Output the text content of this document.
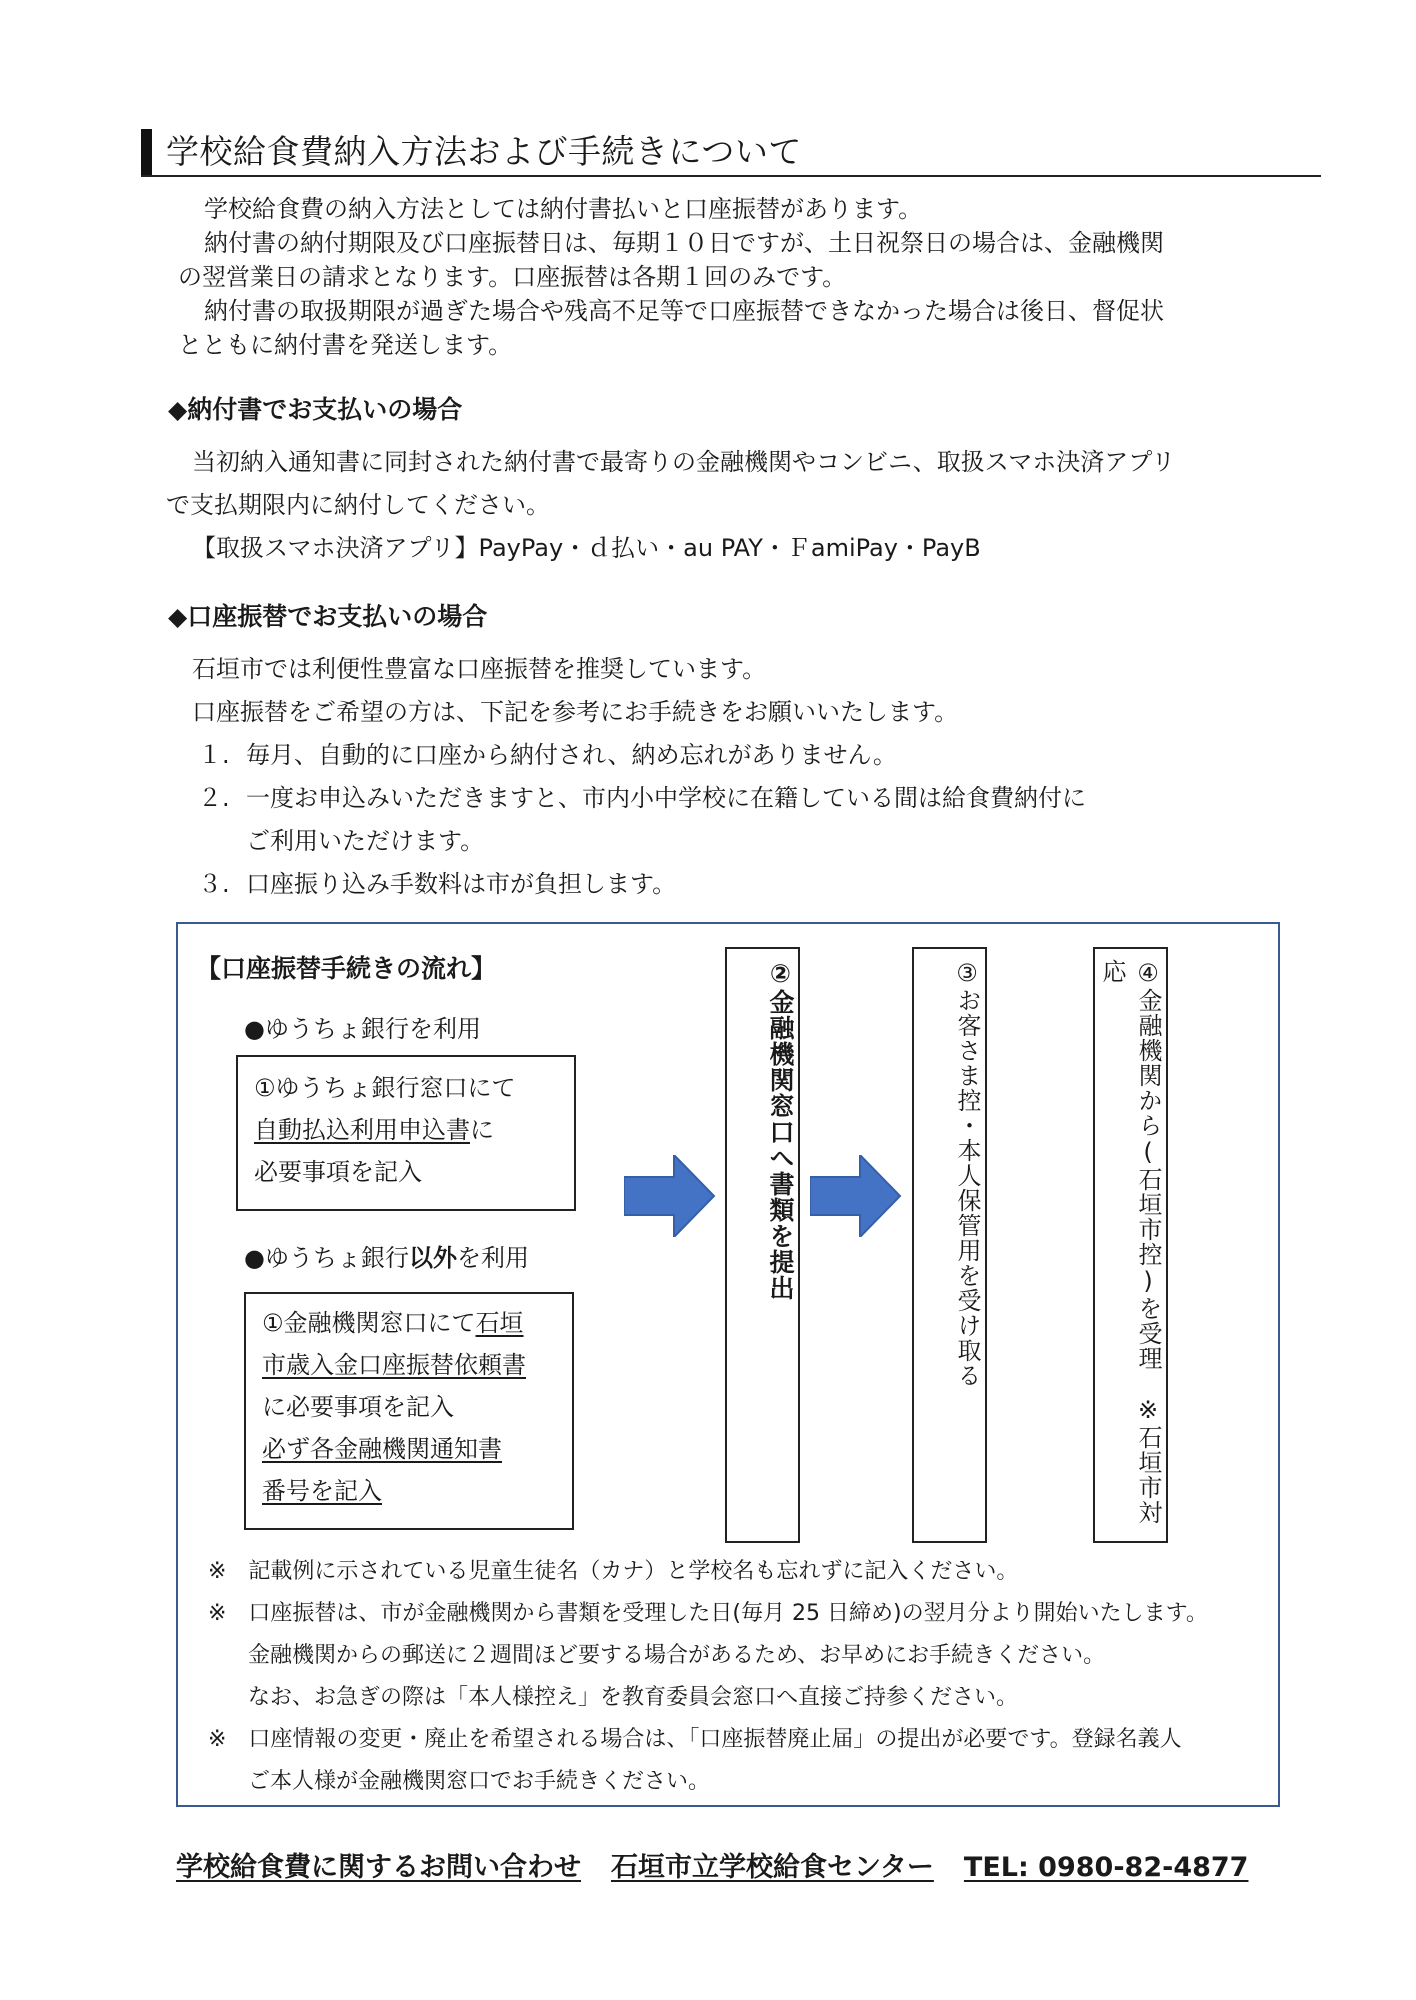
学校給食費納入方法および手続きについて
学校給食費の納入方法としては納付書払いと口座振替があります。
納付書の納付期限及び口座振替日は、毎期１０日ですが、土日祝祭日の場合は、金融機関
の翌営業日の請求となります。口座振替は各期１回のみです。
納付書の取扱期限が過ぎた場合や残高不足等で口座振替できなかった場合は後日、督促状
とともに納付書を発送します。
◆納付書でお支払いの場合
当初納入通知書に同封された納付書で最寄りの金融機関やコンビニ、取扱スマホ決済アプリ
で支払期限内に納付してください。
【取扱スマホ決済アプリ】PayPay・ｄ払い・au PAY・ＦamiPay・PayB
◆口座振替でお支払いの場合
石垣市では利便性豊富な口座振替を推奨しています。
口座振替をご希望の方は、下記を参考にお手続きをお願いいたします。
１. 毎月、自動的に口座から納付され、納め忘れがありません。
２. 一度お申込みいただきますと、市内小中学校に在籍している間は給食費納付に
ご利用いただけます。
３. 口座振り込み手数料は市が負担します。
【口座振替手続きの流れ】
●ゆうちょ銀行を利用
①ゆうちょ銀行窓口にて
自動払込利用申込書に
必要事項を記入
●ゆうちょ銀行以外を利用
①金融機関窓口にて石垣
市歳入金口座振替依頼書
に必要事項を記入
必ず各金融機関通知書
番号を記入
②金融機関窓口へ書類を提出	③お客さま控・本人保管用を受け取る	④金融機関から(石垣市控)を受理　※石垣市対応
※　記載例に示されている児童生徒名（カナ）と学校名も忘れずに記入ください。
※　口座振替は、市が金融機関から書類を受理した日(毎月 25 日締め)の翌月分より開始いたします。
金融機関からの郵送に２週間ほど要する場合があるため、お早めにお手続きください。
なお、お急ぎの際は「本人様控え」を教育委員会窓口へ直接ご持参ください。
※　口座情報の変更・廃止を希望される場合は、「口座振替廃止届」の提出が必要です。登録名義人
ご本人様が金融機関窓口でお手続きください。
学校給食費に関するお問い合わせ 石垣市立学校給食センター TEL: 0980-82-4877
